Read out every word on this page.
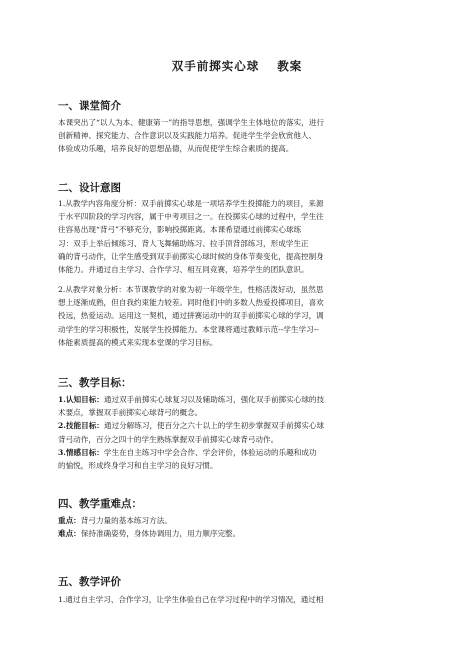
双手前掷实心球 教案
一、课堂简介
本课突出了“以人为本、健康第一”的指导思想，强调学生主体地位的落实，进行
创新精神、探究能力、合作意识以及实践能力培养。促进学生学会欣赏他人、
体验成功乐趣，培养良好的思想品德，从而促使学生综合素质的提高。
二、设计意图
1.从教学内容角度分析：双手前掷实心球是一项培养学生投掷能力的项目，来源
于水平四阶段的学习内容，属于中考项目之一。在投掷实心球的过程中，学生往
往容易出现“背弓”不够充分，影响投掷距离。本课希望通过前掷实心球练
习：双手上举后倾练习、背人飞舞辅助练习、拉手顶背部练习，形成学生正
确的背弓动作，让学生感受到双手前掷实心球时候的身体节奏变化，提高控制身
体能力。并通过自主学习、合作学习、相互同竞赛，培养学生的团队意识。
2.从教学对象分析：本节课教学的对象为初一年级学生，性格活泼好动，虽然思
想上逐渐成熟，但自我约束能力较差。同时他们中的多数人热爱投掷项目，喜欢
投远，热爱运动。运用这一契机，通过拼赛运动中的双手前掷实心球的学习，调
动学生的学习积极性，发展学生投掷能力。本堂课将通过教师示范--学生学习--
体能素质提高的模式来实现本堂课的学习目标。
三、教学目标：
1.认知目标：通过双手前掷实心球复习以及辅助练习，强化双手前掷实心球的技
术要点，掌握双手前掷实心球背弓的概念。
2.技能目标：通过分解练习，使百分之六十以上的学生初步掌握双手前掷实心球
背弓动作，百分之四十的学生熟练掌握双手前掷实心球背弓动作。
3.情感目标：学生在自主练习中学会合作、学会评价，体验运动的乐趣和成功
的愉悦，形成终身学习和自主学习的良好习惯。
四、教学重难点：
重点：背弓力量的基本练习方法。
难点：保持准确姿势，身体协调用力，用力顺序完整。
五、教学评价
1.通过自主学习、合作学习，让学生体验自己在学习过程中的学习情况，通过相
